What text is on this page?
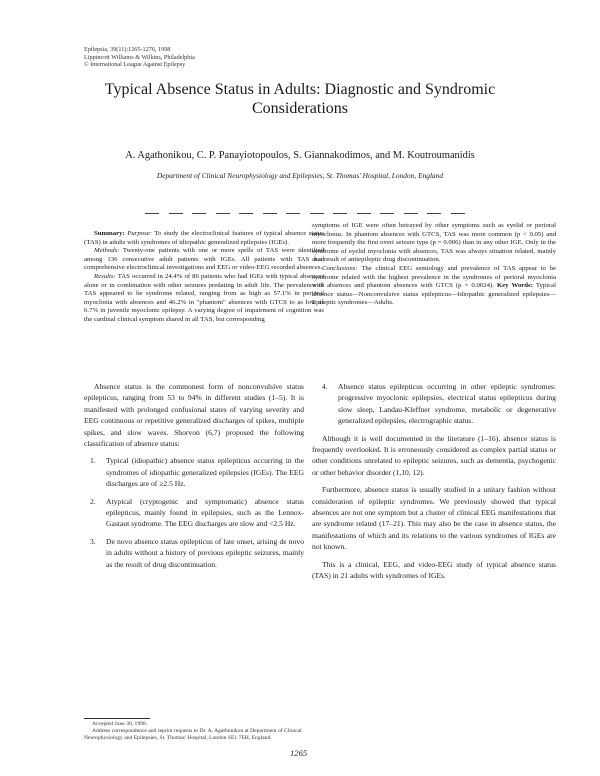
Epilepsia, 39(11):1265-1276, 1998
Lippincott Williams & Wilkins, Philadelphia
© International League Against Epilepsy
Typical Absence Status in Adults: Diagnostic and Syndromic Considerations
A. Agathonikou, C. P. Panayiotopoulos, S. Giannakodimos, and M. Koutroumanidis
Department of Clinical Neurophysiology and Epilepsies, St. Thomas' Hospital, London, England

Summary: Purpose: To study the electroclinical features of typical absence status (TAS) in adults with syndromes of idiopathic generalized epilepsies (IGEs).

Methods: Twenty-one patients with one or more spells of TAS were identified among 136 consecutive adult patients with IGEs. All patients with TAS had comprehensive electroclinical investigations and EEG or video-EEG recorded absences.

Results: TAS occurred in 24.4% of 86 patients who had IGEs with typical absences alone or in combination with other seizures predating in adult life. The prevalence of TAS appeared to be syndrome related, ranging from as high as 57.1% in perioral myoclonia with absences and 46.2% in "phantom" absences with GTCS to as low as 6.7% in juvenile myoclonic epilepsy. A varying degree of impairment of cognition was the cardinal clinical symptom shared in all TAS, but corresponding

symptoms of IGE were often betrayed by other symptoms such as eyelid or perioral myoclonus. In phantom absences with GTCS, TAS was more common (p < 0.05) and more frequently the first overt seizure type (p = 0.006) than in any other IGE. Only in the syndrome of eyelid myoclonia with absences, TAS was always situation related, mainly as a result of antiepileptic drug discontinuation.

Conclusions: The clinical EEG semiology and prevalence of TAS appear to be syndrome related with the highest prevalence in the syndromes of perioral myoclonia with absences and phantom absences with GTCS (p = 0.0024). Key Words: Typical absence status—Nonconvulsive status epilepticus—Idiopathic generalized epilepsies—Epileptic syndromes—Adults.

Absence status is the commonest form of nonconvulsive status epilepticus, ranging from 53 to 94% in different studies (1–5). It is manifested with prolonged confusional states of varying severity and EEG continuous or repetitive generalized discharges of spikes, multiple spikes, and slow waves. Shorvon (6,7) proposed the following classification of absence status:

1. Typical (idiopathic) absence status epilepticus occurring in the syndromes of idiopathic generalized epilepsies (IGEs). The EEG discharges are of ≥2.5 Hz.
2. Atypical (cryptogenic and symptomatic) absence status epilepticus, mainly found in epilepsies, such as the Lennox-Gastaut syndrome. The EEG discharges are slow and <2.5 Hz.
3. De novo absence status epilepticus of late onset, arising de novo in adults without a history of previous epileptic seizures, mainly as the result of drug discontinuation.
4. Absence status epilepticus occurring in other epileptic syndromes: progressive myoclonic epilepsies, electrical status epilepticus during slow sleep, Landau-Kleffner syndrome, metabolic or degenerative generalized epilepsies, electrographic status.

Although it is well documented in the literature (1–16), absence status is frequently overlooked. It is erroneously considered as complex partial status or other conditions unrelated to epileptic seizures, such as dementia, psychogenic or other behavior disorder (1,10, 12).

Furthermore, absence status is usually studied in a unitary fashion without consideration of epileptic syndromes. We previously showed that typical absences are not one symptom but a cluster of clinical EEG manifestations that are syndrome related (17–21). This may also be the case in absence status, the manifestations of which and its relations to the various syndromes of IGEs are not known.

This is a clinical, EEG, and video-EEG study of typical absence status (TAS) in 21 adults with syndromes of IGEs.

Accepted June 30, 1998.

Address correspondence and reprint requests to Dr. A. Agathonikou at Department of Clinical Neurophysiology and Epilepsies, St. Thomas' Hospital, London SE1 7EH, England.

1265
